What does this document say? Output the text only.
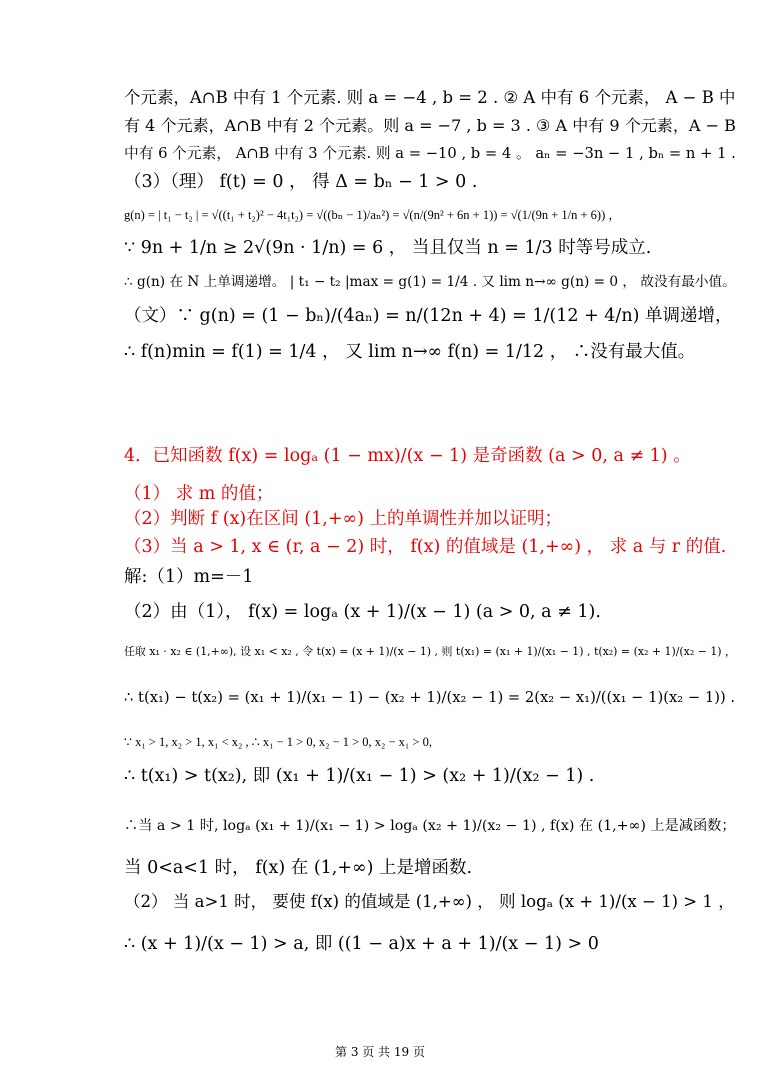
个元素，A∩B 中有 1 个元素. 则 a = −4 , b = 2 . ② A 中有 6 个元素， A − B 中
有 4 个元素，A∩B 中有 2 个元素。则 a = −7 , b = 3 . ③ A 中有 9 个元素，A − B
中有 6 个元素， A∩B 中有 3 个元素. 则 a = −10 , b = 4 。 aₙ = −3n − 1 , bₙ = n + 1 .
（3）（理） f(t) = 0 ， 得 Δ = bₙ − 1 > 0 .
g(n) = | t₁ − t₂ | = √((t₁ + t₂)² − 4t₁t₂) = √((bₙ − 1)/aₙ²) = √(n/(9n² + 6n + 1)) = √(1/(9n + 1/n + 6)) ，
∵ 9n + 1/n ≥ 2√(9n · 1/n) = 6 ， 当且仅当 n = 1/3 时等号成立.
∴ g(n) 在 N 上单调递增。 | t₁ − t₂ |max = g(1) = 1/4 . 又 lim n→∞ g(n) = 0 ， 故没有最小值。
（文）∵ g(n) = (1 − bₙ)/(4aₙ) = n/(12n + 4) = 1/(12 + 4/n) 单调递增，
∴ f(n)min = f(1) = 1/4 ， 又 lim n→∞ f(n) = 1/12 ， ∴没有最大值。
4．已知函数 f(x) = logₐ (1 − mx)/(x − 1) 是奇函数 (a > 0, a ≠ 1) 。
（1） 求 m 的值；
（2）判断 f (x)在区间 (1,+∞) 上的单调性并加以证明；
（3）当 a > 1, x ∈ (r, a − 2) 时， f(x) 的值域是 (1,+∞) ， 求 a 与 r 的值.
解:（1）m=－1
（2）由（1）， f(x) = logₐ (x + 1)/(x − 1) (a > 0, a ≠ 1).
任取 x₁ · x₂ ∈ (1,+∞), 设 x₁ < x₂ , 令 t(x) = (x + 1)/(x − 1) , 则 t(x₁) = (x₁ + 1)/(x₁ − 1) , t(x₂) = (x₂ + 1)/(x₂ − 1) ，
∴ t(x₁) − t(x₂) = (x₁ + 1)/(x₁ − 1) − (x₂ + 1)/(x₂ − 1) = 2(x₂ − x₁)/((x₁ − 1)(x₂ − 1)) .
∵ x₁ > 1, x₂ > 1, x₁ < x₂ , ∴ x₁ − 1 > 0, x₂ − 1 > 0, x₂ − x₁ > 0,
∴ t(x₁) > t(x₂), 即 (x₁ + 1)/(x₁ − 1) > (x₂ + 1)/(x₂ − 1) .
∴当 a > 1 时, logₐ (x₁ + 1)/(x₁ − 1) > logₐ (x₂ + 1)/(x₂ − 1) , f(x) 在 (1,+∞) 上是减函数；
当 0<a<1 时， f(x) 在 (1,+∞) 上是增函数.
（2） 当 a>1 时， 要使 f(x) 的值域是 (1,+∞) ， 则 logₐ (x + 1)/(x − 1) > 1 ，
∴ (x + 1)/(x − 1) > a, 即 ((1 − a)x + a + 1)/(x − 1) > 0
第 3 页 共 19 页
